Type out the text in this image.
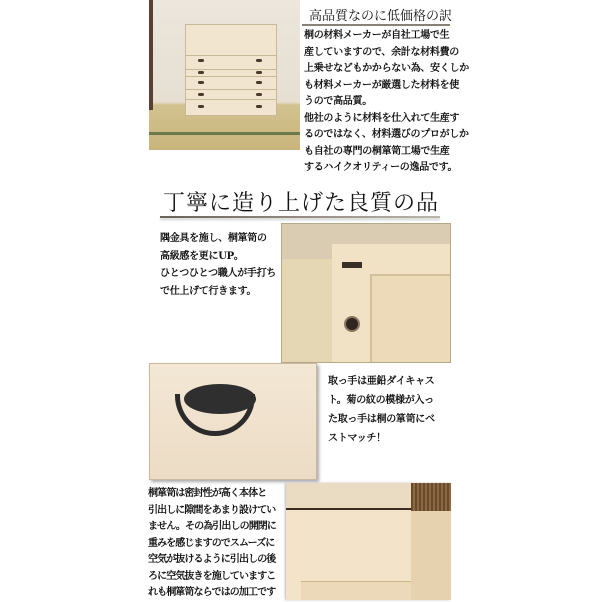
高品質なのに低価格の訳
桐の材料メーカーが自社工場で生
産していますので、余計な材料費の
上乗せなどもかからない為、安くしか
も材料メーカーが厳選した材料を使
うので高品質。
他社のように材料を仕入れて生産す
るのではなく、材料選びのプロがしか
も自社の専門の桐箪笥工場で生産
するハイクオリティーの逸品です。
丁寧に造り上げた良質の品
隅金具を施し、桐箪笥の
高級感を更にUP。
ひとつひとつ職人が手打ち
で仕上げて行きます。
取っ手は亜鉛ダイキャス
ト。菊の紋の模様が入っ
た取っ手は桐の箪笥にベ
ストマッチ！
桐箪笥は密封性が高く本体と
引出しに隙間をあまり設けてい
ません。その為引出しの開閉に
重みを感じますのでスムーズに
空気が抜けるように引出しの後
ろに空気抜きを施していますこ
れも桐箪笥ならではの加工です
